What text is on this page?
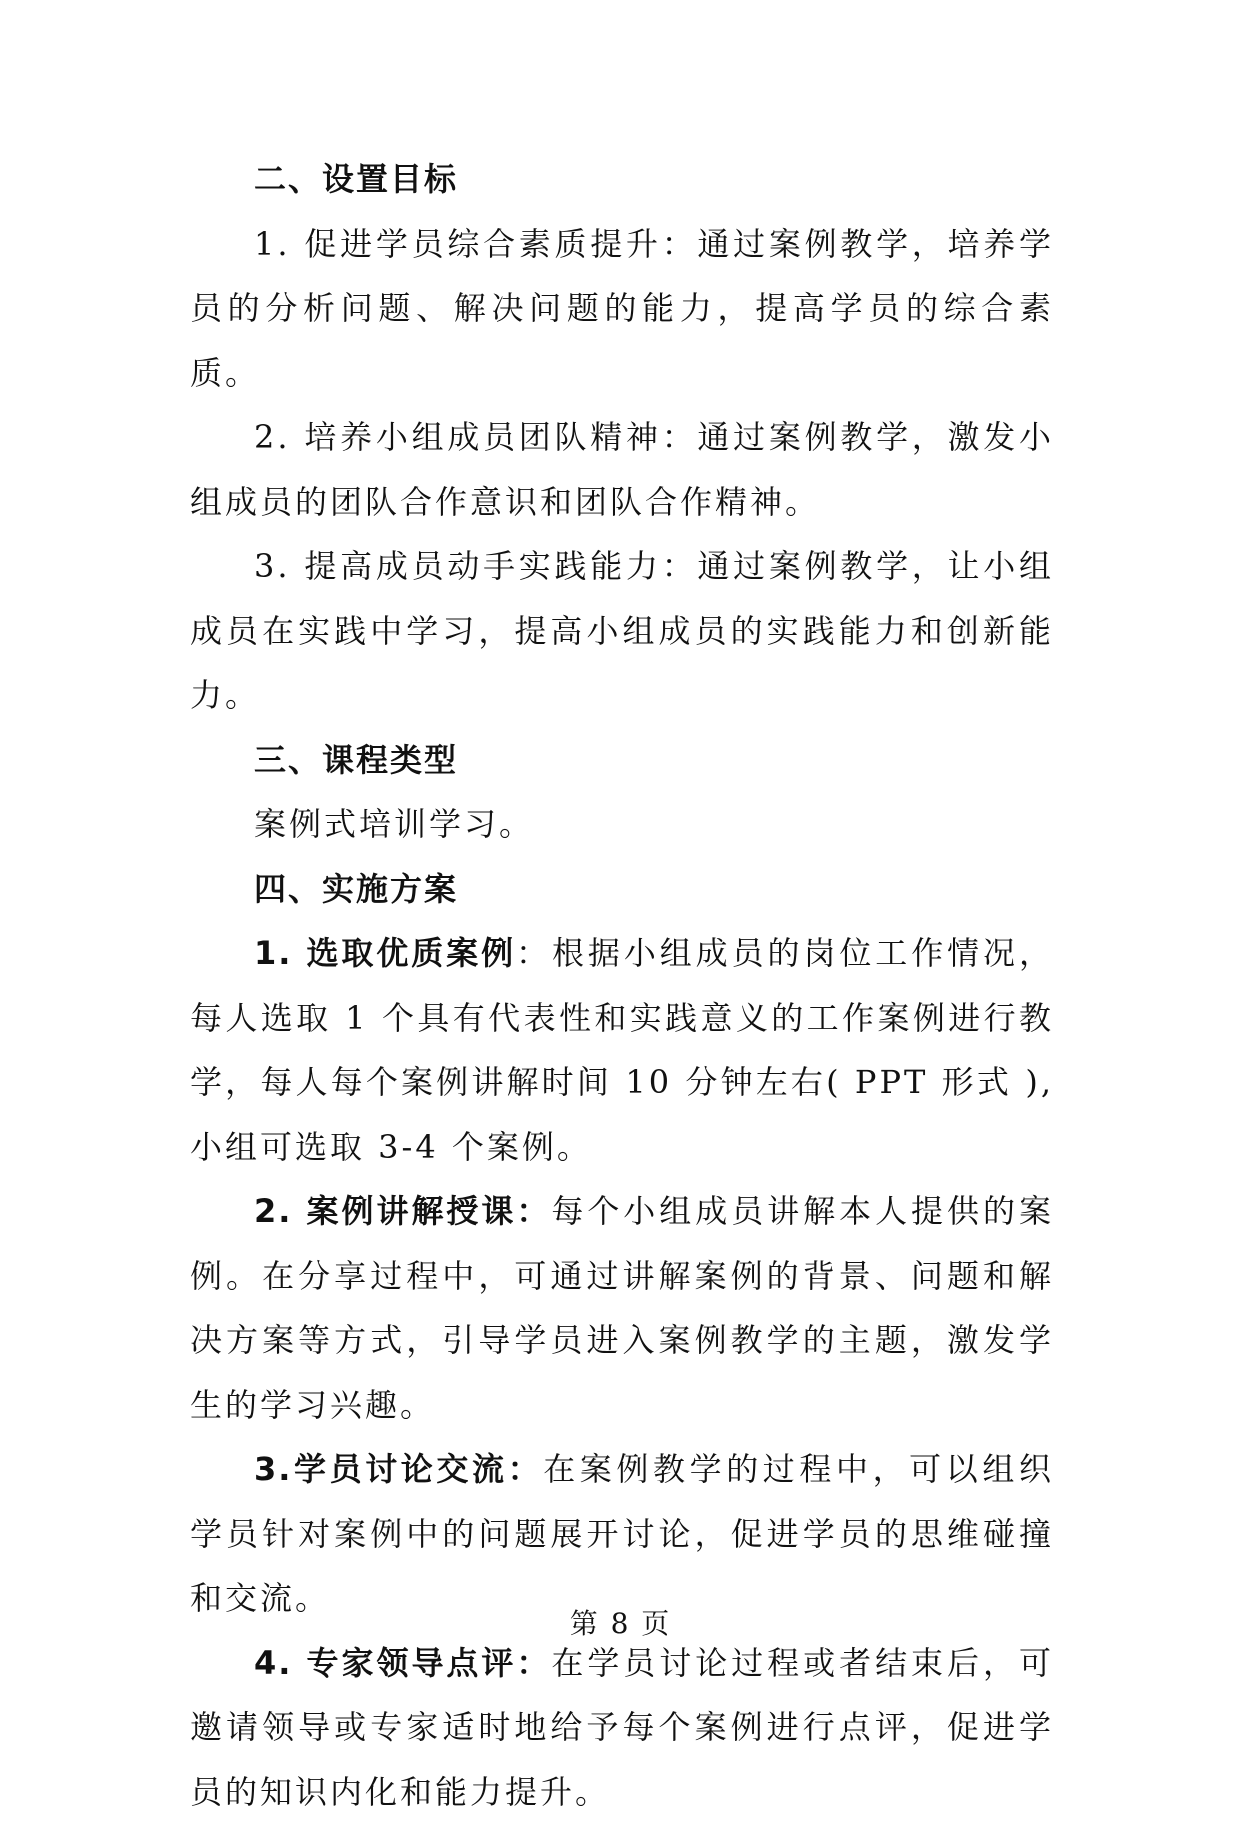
二、设置目标

1. 促进学员综合素质提升：通过案例教学，培养学员的分析问题、解决问题的能力，提高学员的综合素质。

2. 培养小组成员团队精神：通过案例教学，激发小组成员的团队合作意识和团队合作精神。

3. 提高成员动手实践能力：通过案例教学，让小组成员在实践中学习，提高小组成员的实践能力和创新能力。

三、课程类型

案例式培训学习。

四、实施方案

1. 选取优质案例：根据小组成员的岗位工作情况，每人选取 1 个具有代表性和实践意义的工作案例进行教学，每人每个案例讲解时间 10 分钟左右( PPT 形式 ),小组可选取 3-4 个案例。

2. 案例讲解授课：每个小组成员讲解本人提供的案例。在分享过程中，可通过讲解案例的背景、问题和解决方案等方式，引导学员进入案例教学的主题，激发学生的学习兴趣。

3.学员讨论交流：在案例教学的过程中，可以组织学员针对案例中的问题展开讨论，促进学员的思维碰撞和交流。

4. 专家领导点评：在学员讨论过程或者结束后，可邀请领导或专家适时地给予每个案例进行点评，促进学员的知识内化和能力提升。

第 8 页
